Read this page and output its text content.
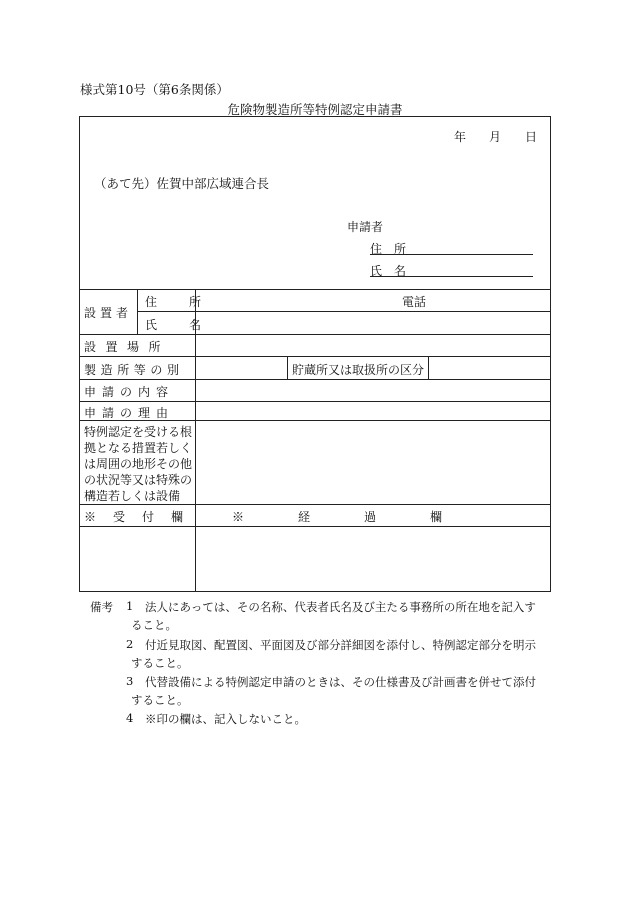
様式第10号（第6条関係）
危険物製造所等特例認定申請書
年 月 日
（あて先）佐賀中部広域連合長
申請者
住　所
氏　名
設置者
住　所
氏　名
電話
設置場所
製造所等の別	貯蔵所又は取扱所の区分
申請の内容
申請の理由
特例認定を受ける根
拠となる措置若しく
は周囲の地形その他
の状況等又は特殊の
構造若しくは設備
※受付欄	※経過欄
備考 1 法人にあっては、その名称、代表者氏名及び主たる事務所の所在地を記入す
ること。
2 付近見取図、配置図、平面図及び部分詳細図を添付し、特例認定部分を明示
すること。
3 代替設備による特例認定申請のときは、その仕様書及び計画書を併せて添付
すること。
4 ※印の欄は、記入しないこと。
